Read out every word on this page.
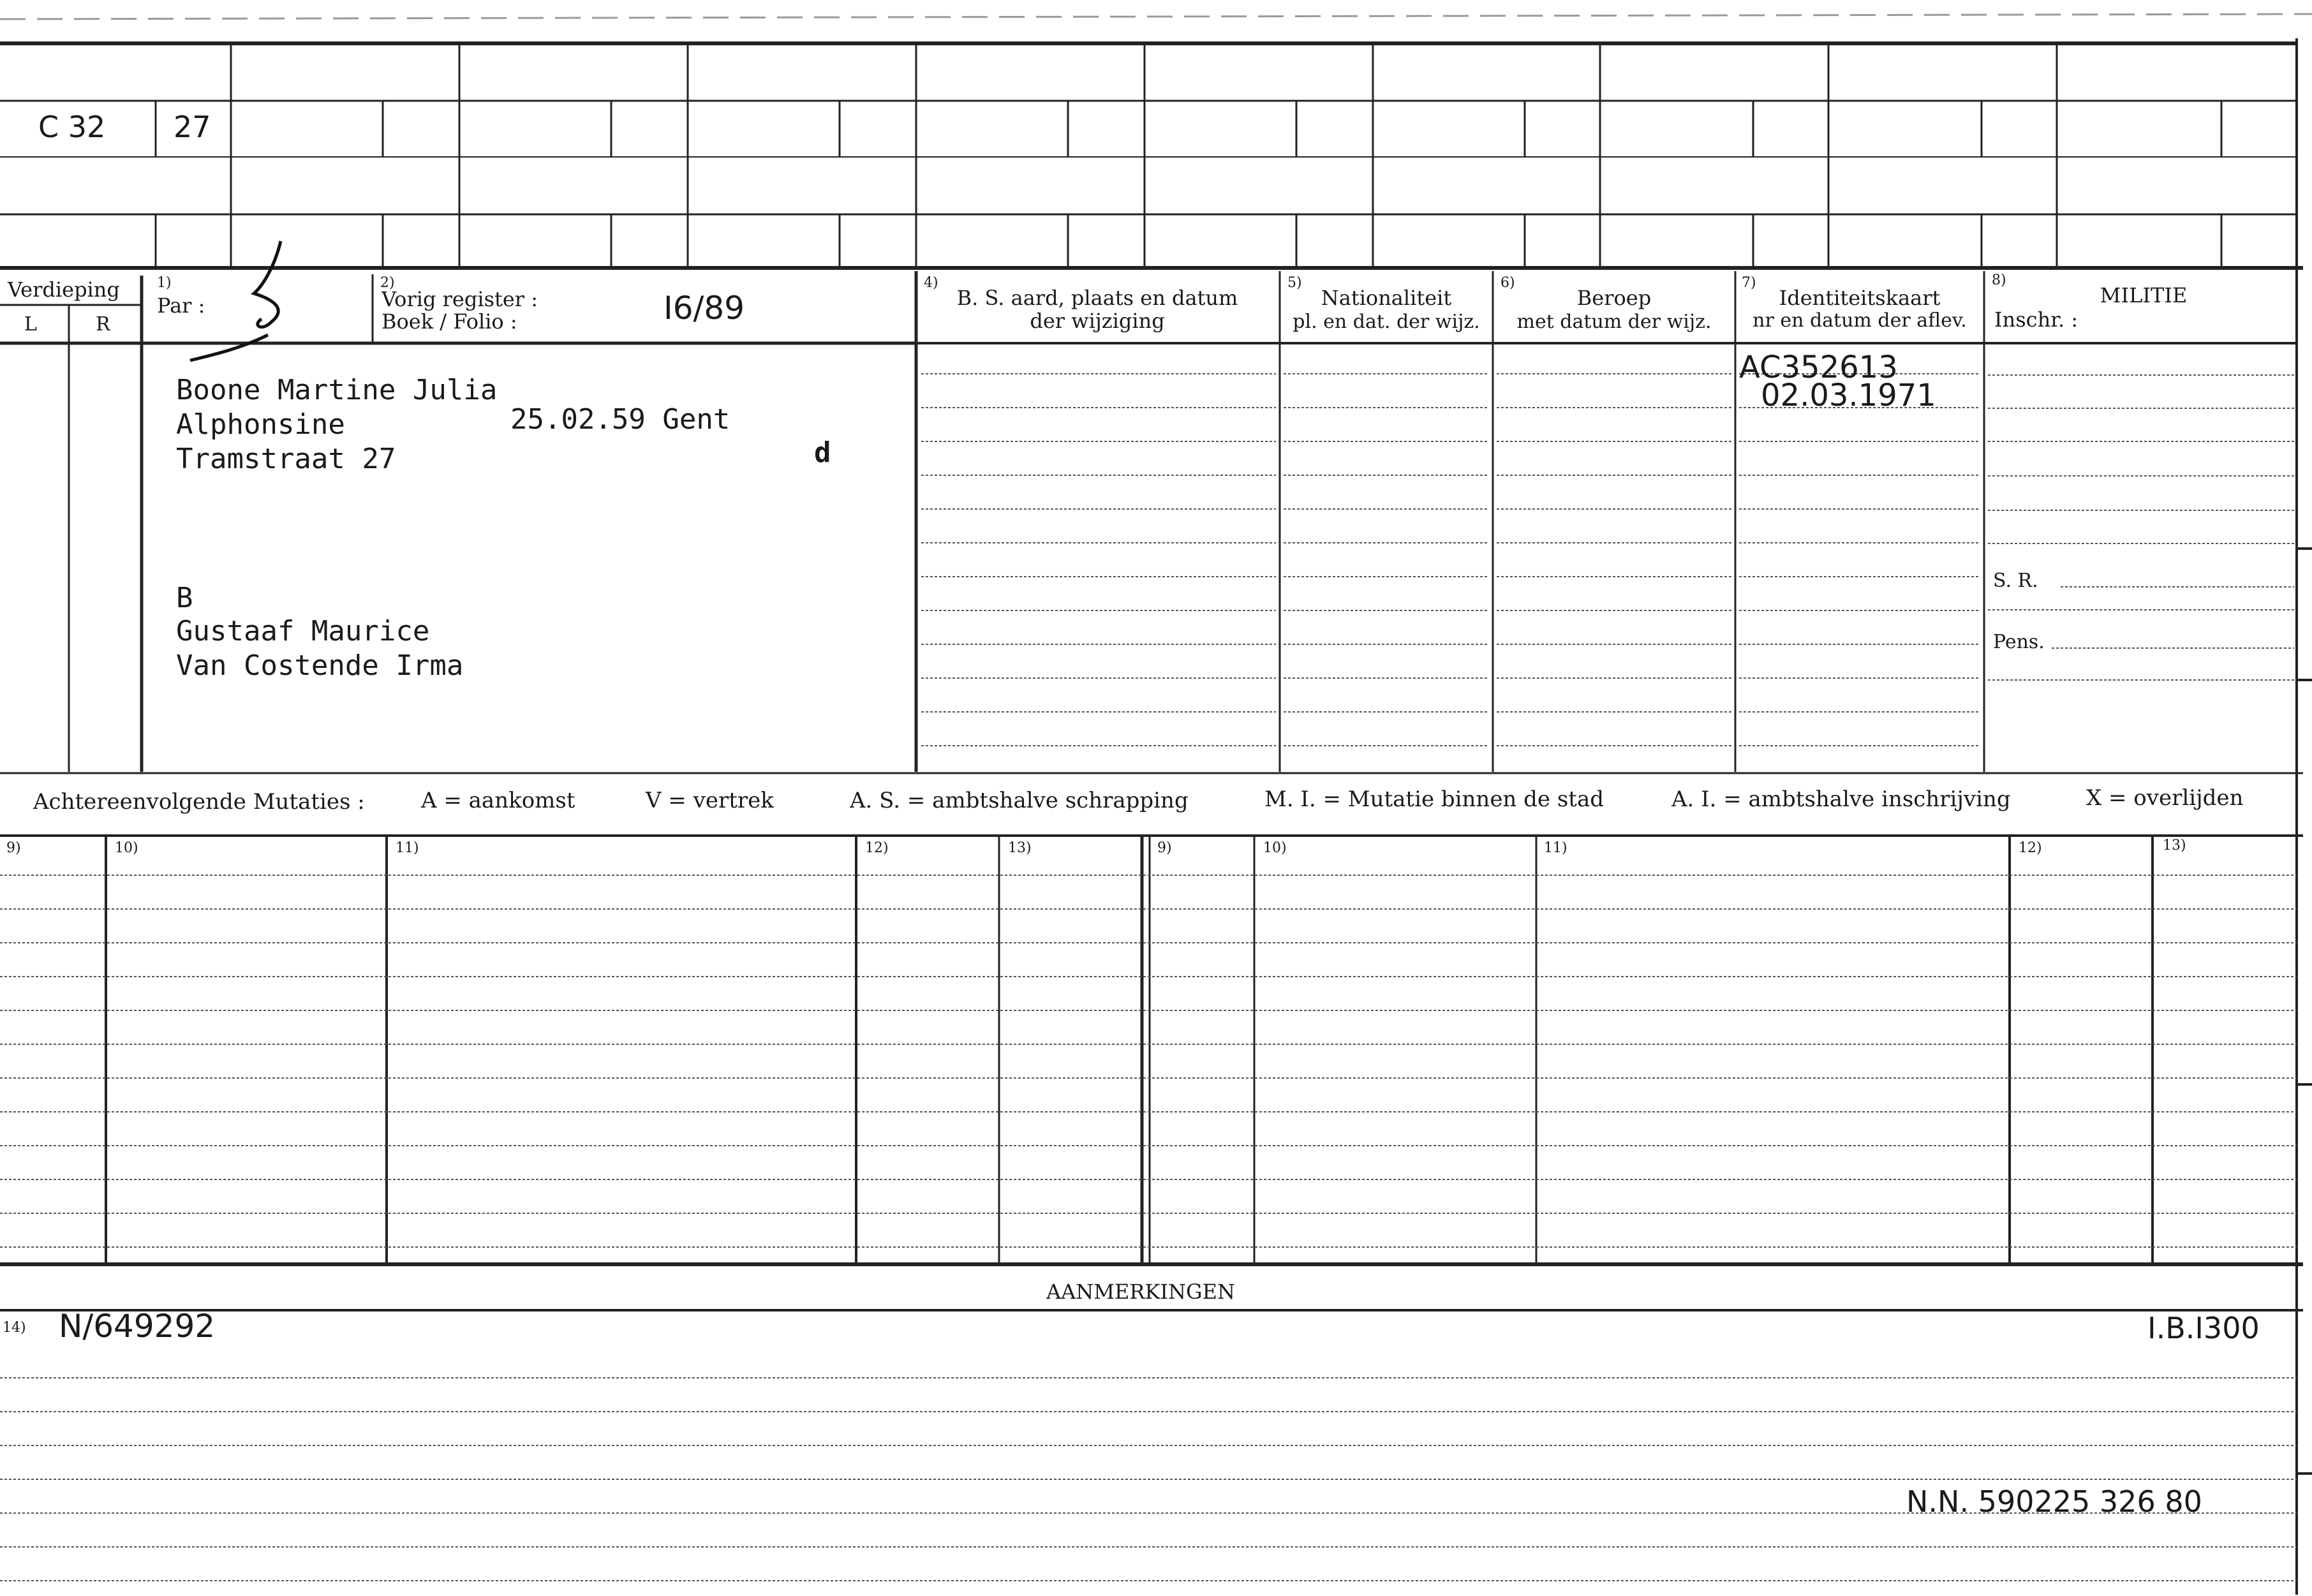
C 32 27
Verdieping
L	R
1)
Par :
2)
Vorig register :
Boek / Folio :	I6/89
4)
B. S. aard, plaats en datum
der wijziging
5)
Nationaliteit
pl. en dat. der wijz.
6)
Beroep
met datum der wijz.
7)
Identiteitskaart
nr en datum der aflev.
8)
MILITIE
Inschr. :
S. R.
Pens.
Boone Martine Julia
Alphonsine	25.02.59 Gent
Tramstraat 27	d
B
Gustaaf Maurice
Van Costende Irma
AC352613
02.03.1971
Achtereenvolgende Mutaties :	A = aankomst	V = vertrek	A. S. = ambtshalve schrapping	M. I. = Mutatie binnen de stad	A. I. = ambtshalve inschrijving	X = overlijden
9)	10)	11)	12)	13)	9)	10)	11)	12)	13)
AANMERKINGEN
14) N/649292	I.B.I300
N.N. 590225 326 80
